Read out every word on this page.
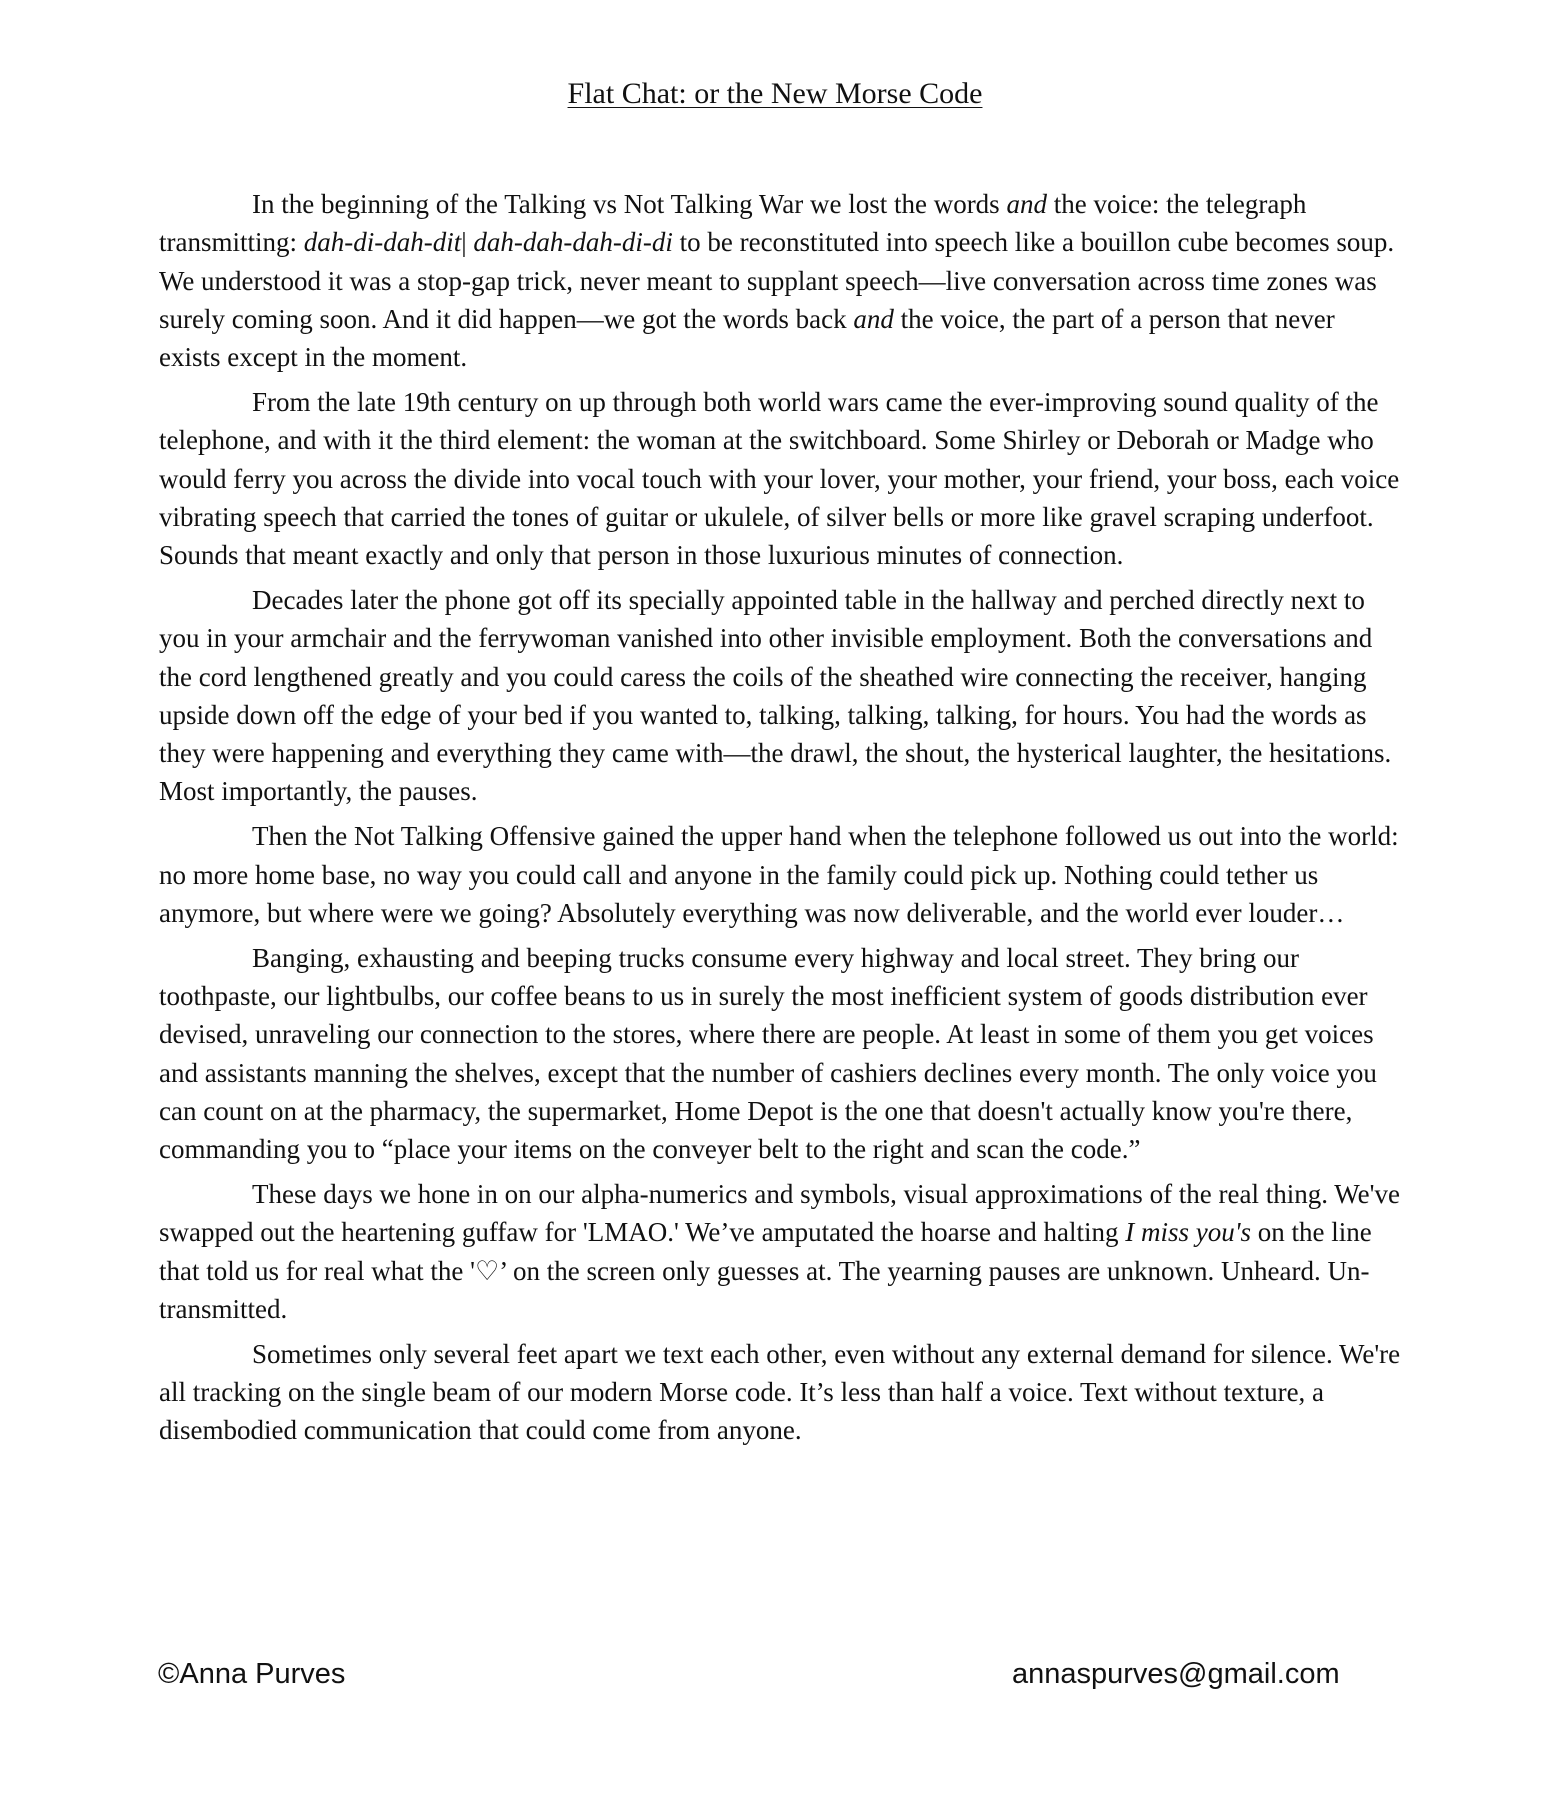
Flat Chat: or the New Morse Code

In the beginning of the Talking vs Not Talking War we lost the words and the voice: the telegraph transmitting: dah-di-dah-dit| dah-dah-dah-di-di to be reconstituted into speech like a bouillon cube becomes soup. We understood it was a stop-gap trick, never meant to supplant speech—live conversation across time zones was surely coming soon. And it did happen—we got the words back and the voice, the part of a person that never exists except in the moment.

From the late 19th century on up through both world wars came the ever-improving sound quality of the telephone, and with it the third element: the woman at the switchboard. Some Shirley or Deborah or Madge who would ferry you across the divide into vocal touch with your lover, your mother, your friend, your boss, each voice vibrating speech that carried the tones of guitar or ukulele, of silver bells or more like gravel scraping underfoot. Sounds that meant exactly and only that person in those luxurious minutes of connection.

Decades later the phone got off its specially appointed table in the hallway and perched directly next to you in your armchair and the ferrywoman vanished into other invisible employment. Both the conversations and the cord lengthened greatly and you could caress the coils of the sheathed wire connecting the receiver, hanging upside down off the edge of your bed if you wanted to, talking, talking, talking, for hours. You had the words as they were happening and everything they came with—the drawl, the shout, the hysterical laughter, the hesitations. Most importantly, the pauses.

Then the Not Talking Offensive gained the upper hand when the telephone followed us out into the world: no more home base, no way you could call and anyone in the family could pick up. Nothing could tether us anymore, but where were we going? Absolutely everything was now deliverable, and the world ever louder…

Banging, exhausting and beeping trucks consume every highway and local street. They bring our toothpaste, our lightbulbs, our coffee beans to us in surely the most inefficient system of goods distribution ever devised, unraveling our connection to the stores, where there are people. At least in some of them you get voices and assistants manning the shelves, except that the number of cashiers declines every month. The only voice you can count on at the pharmacy, the supermarket, Home Depot is the one that doesn't actually know you're there, commanding you to “place your items on the conveyer belt to the right and scan the code.”

These days we hone in on our alpha-numerics and symbols, visual approximations of the real thing. We've swapped out the heartening guffaw for 'LMAO.' We’ve amputated the hoarse and halting I miss you's on the line that told us for real what the '♡’ on the screen only guesses at. The yearning pauses are unknown. Unheard. Un-transmitted.

Sometimes only several feet apart we text each other, even without any external demand for silence. We're all tracking on the single beam of our modern Morse code. It’s less than half a voice. Text without texture, a disembodied communication that could come from anyone.

©Anna Purves	annaspurves@gmail.com
